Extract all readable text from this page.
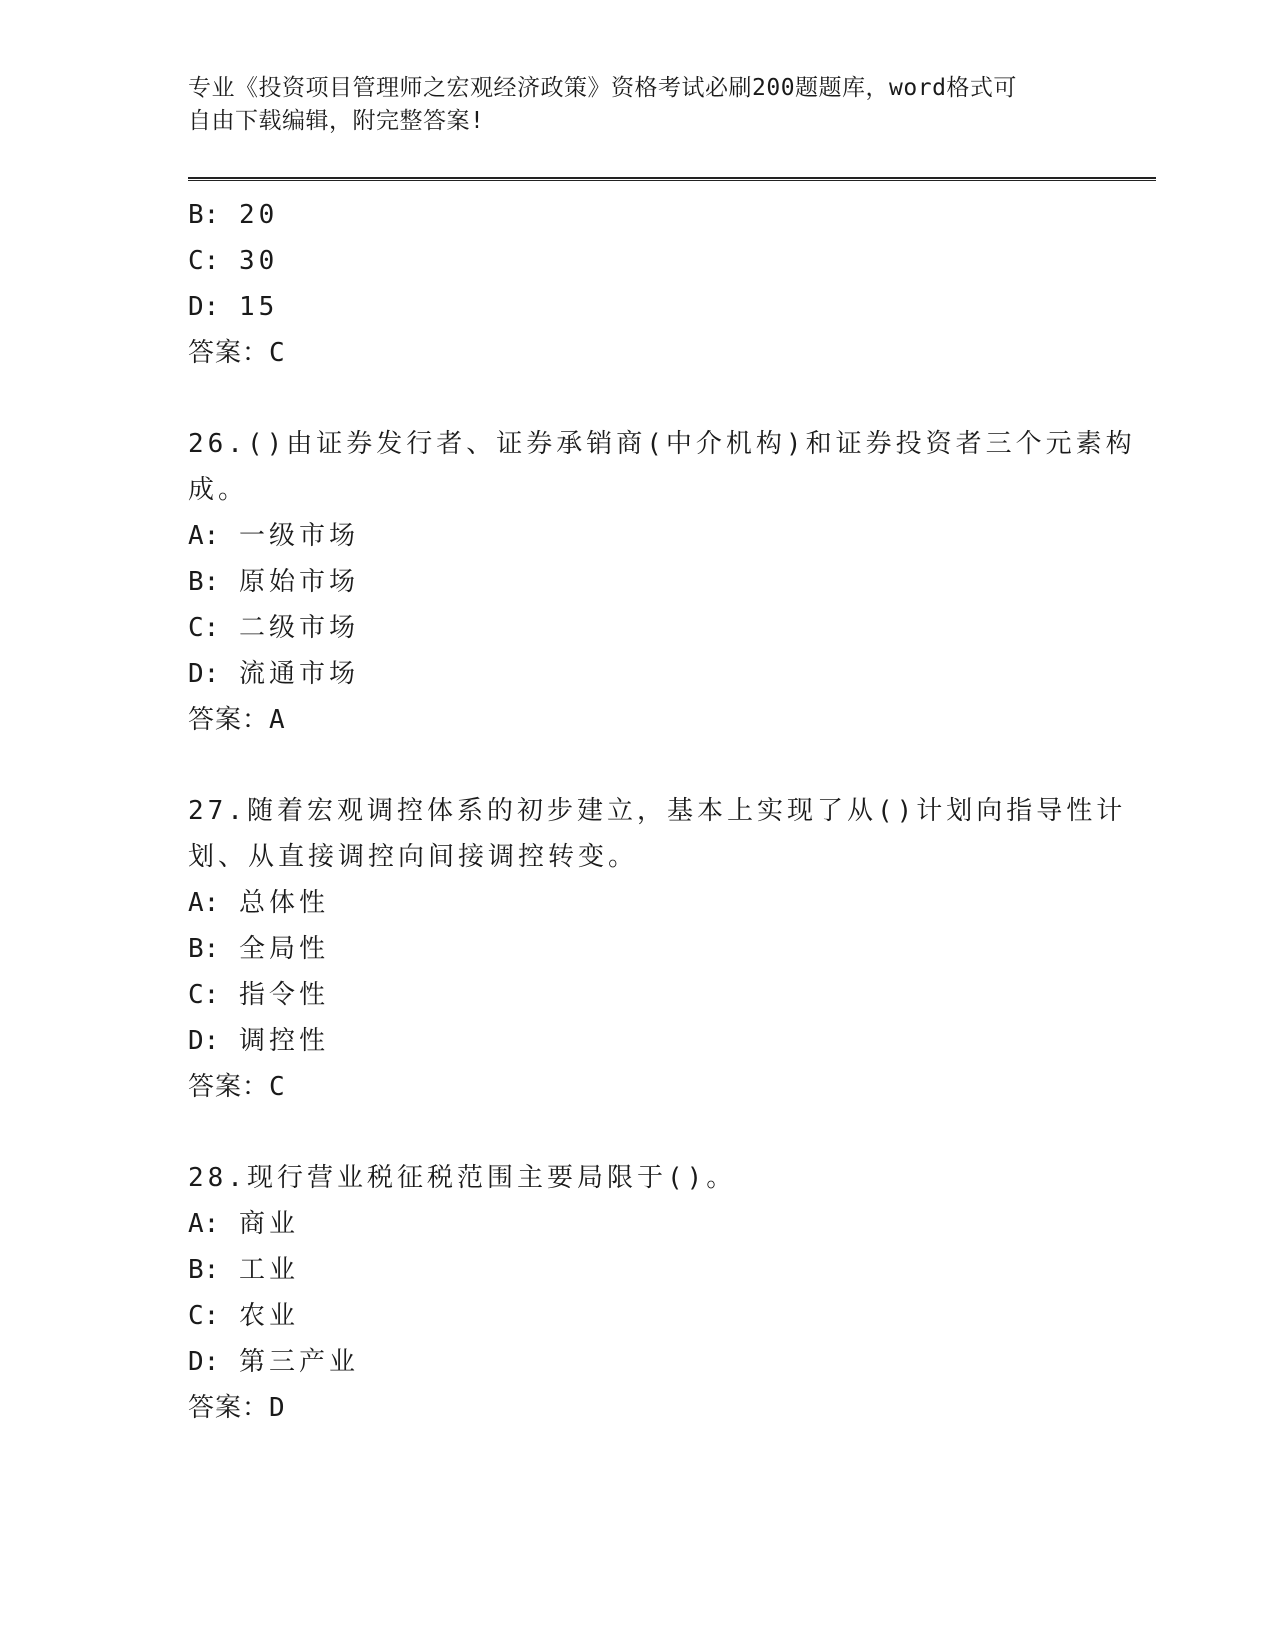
专业《投资项目管理师之宏观经济政策》资格考试必刷200题题库，word格式可
自由下载编辑，附完整答案!
B: 20
C: 30
D: 15
答案：C
26.()由证券发行者、证券承销商(中介机构)和证券投资者三个元素构
成。
A: 一级市场
B: 原始市场
C: 二级市场
D: 流通市场
答案：A
27.随着宏观调控体系的初步建立，基本上实现了从()计划向指导性计
划、从直接调控向间接调控转变。
A: 总体性
B: 全局性
C: 指令性
D: 调控性
答案：C
28.现行营业税征税范围主要局限于()。
A: 商业
B: 工业
C: 农业
D: 第三产业
答案：D
